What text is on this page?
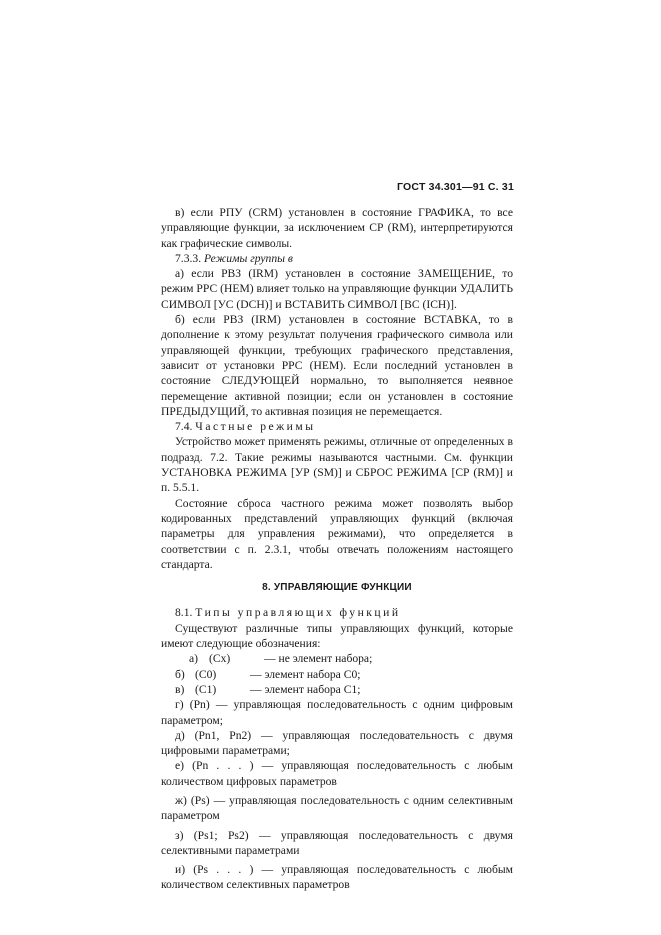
ГОСТ 34.301—91 С. 31

в) если РПУ (CRM) установлен в состояние ГРАФИКА, то все управляющие функции, за исключением СР (RM), интерпретируются как графические символы.

7.3.3. Режимы группы в

а) если РВЗ (IRM) установлен в состояние ЗАМЕЩЕНИЕ, то режим РРС (HEM) влияет только на управляющие функции УДАЛИТЬ СИМВОЛ [УС (DCH)] и ВСТАВИТЬ СИМВОЛ [ВС (ICH)].

б) если РВЗ (IRM) установлен в состояние ВСТАВКА, то в дополнение к этому результат получения графического символа или управляющей функции, требующих графического представления, зависит от установки РРС (HEM). Если последний установлен в состояние СЛЕДУЮЩЕЙ нормально, то выполняется неявное перемещение активной позиции; если он установлен в состояние ПРЕДЫДУЩИЙ, то активная позиция не перемещается.

7.4. Частные режимы

Устройство может применять режимы, отличные от определенных в подразд. 7.2. Такие режимы называются частными. См. функции УСТАНОВКА РЕЖИМА [УР (SM)] и СБРОС РЕЖИМА [СР (RM)] и п. 5.5.1.

Состояние сброса частного режима может позволять выбор кодированных представлений управляющих функций (включая параметры для управления режимами), что определяется в соответствии с п. 2.3.1, чтобы отвечать положениям настоящего стандарта.

8. УПРАВЛЯЮЩИЕ ФУНКЦИИ

8.1. Типы управляющих функций

Существуют различные типы управляющих функций, которые имеют следующие обозначения:

а) (Cx)	— не элемент набора;
б) (C0)	— элемент набора С0;
в) (C1)	— элемент набора С1;

г) (Pn) — управляющая последовательность с одним цифровым параметром;

д) (Pn1, Pn2) — управляющая последовательность с двумя цифровыми параметрами;

е) (Pn . . . ) — управляющая последовательность с любым количеством цифровых параметров

ж) (Ps) — управляющая последовательность с одним селективным параметром

з) (Ps1; Ps2) — управляющая последовательность с двумя селективными параметрами

и) (Ps . . . ) — управляющая последовательность с любым количеством селективных параметров
